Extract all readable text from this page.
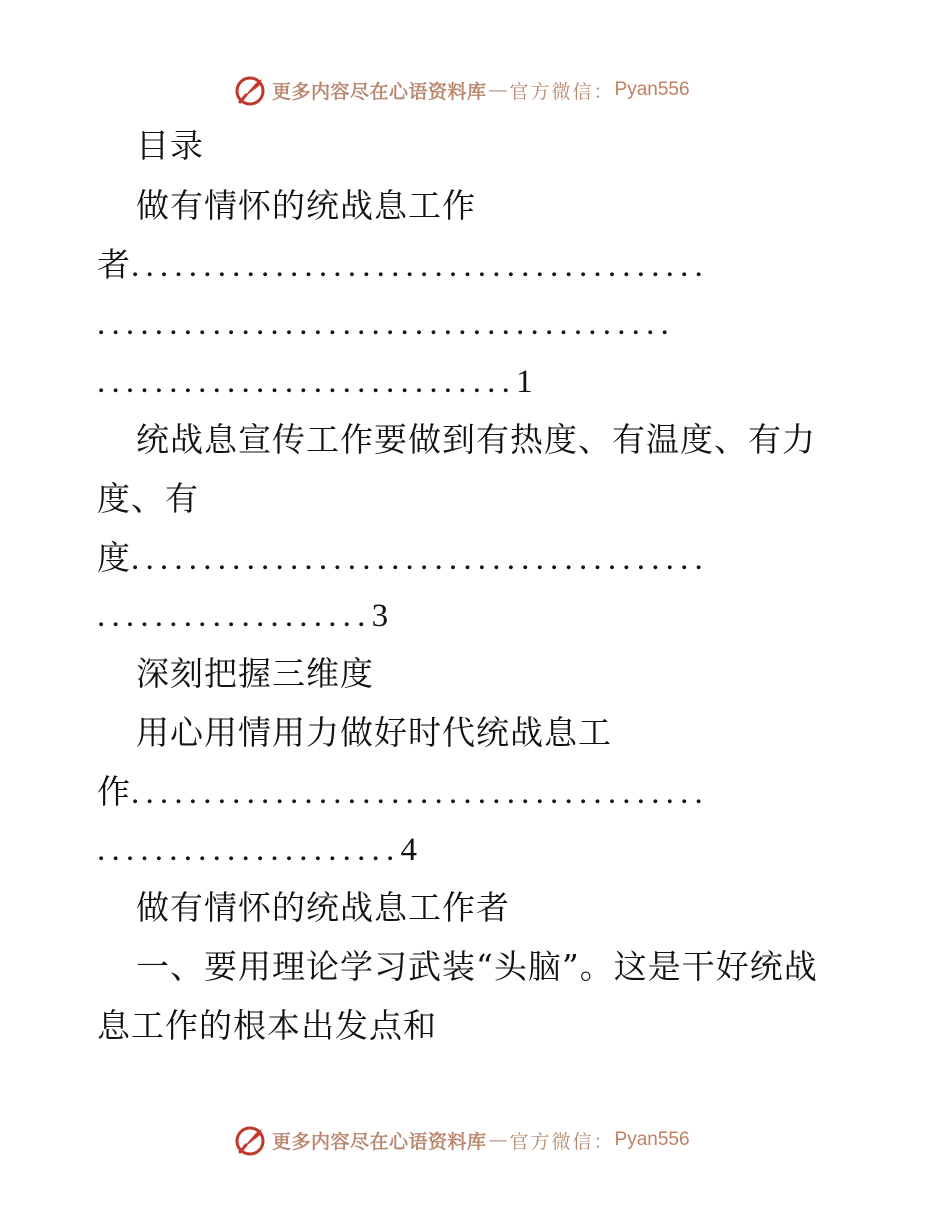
更多内容尽在心语资料库 — 官方微信： Pyan556
目录
做有情怀的统战息工作
者........................................
........................................
.............................1
统战息宣传工作要做到有热度、有温度、有力
度、有
度........................................
...................3
深刻把握三维度
用心用情用力做好时代统战息工
作........................................
.....................4
做有情怀的统战息工作者
一、要用理论学习武装“头脑”。这是干好统战
息工作的根本出发点和
更多内容尽在心语资料库 — 官方微信： Pyan556
